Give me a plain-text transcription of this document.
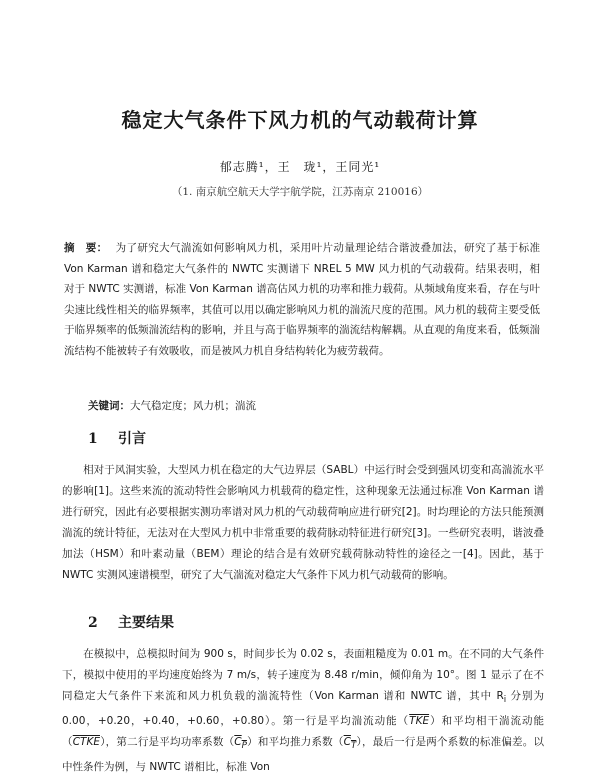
稳定大气条件下风力机的气动载荷计算
郁志腾¹，王　珑¹，王同光¹
（1. 南京航空航天大学宇航学院，江苏南京 210016）
摘　要： 为了研究大气湍流如何影响风力机，采用叶片动量理论结合谐波叠加法，研究了基于标准 Von Karman 谱和稳定大气条件的 NWTC 实测谱下 NREL 5 MW 风力机的气动载荷。结果表明，相对于 NWTC 实测谱，标准 Von Karman 谱高估风力机的功率和推力载荷。从频域角度来看，存在与叶尖速比线性相关的临界频率，其值可以用以确定影响风力机的湍流尺度的范围。风力机的载荷主要受低于临界频率的低频湍流结构的影响，并且与高于临界频率的湍流结构解耦。从直观的角度来看，低频湍流结构不能被转子有效吸收，而是被风力机自身结构转化为疲劳载荷。
关键词：大气稳定度；风力机；湍流
1 引言
相对于风洞实验，大型风力机在稳定的大气边界层（SABL）中运行时会受到强风切变和高湍流水平的影响[1]。这些来流的流动特性会影响风力机载荷的稳定性，这种现象无法通过标准 Von Karman 谱进行研究，因此有必要根据实测功率谱对风力机的气动载荷响应进行研究[2]。时均理论的方法只能预测湍流的统计特征，无法对在大型风力机中非常重要的载荷脉动特征进行研究[3]。一些研究表明，谐波叠加法（HSM）和叶素动量（BEM）理论的结合是有效研究载荷脉动特性的途径之一[4]。因此，基于 NWTC 实测风速谱模型，研究了大气湍流对稳定大气条件下风力机气动载荷的影响。
2 主要结果
在模拟中，总模拟时间为 900 s，时间步长为 0.02 s，表面粗糙度为 0.01 m。在不同的大气条件下，模拟中使用的平均速度始终为 7 m/s，转子速度为 8.48 r/min，倾仰角为 10°。图 1 显示了在不同稳定大气条件下来流和风力机负载的湍流特性（Von Karman 谱和 NWTC 谱，其中 $R_i$ 分别为 0.00，+0.20，+0.40，+0.60，+0.80）。第一行是平均湍流动能$(\overline{TKE})$和平均相干湍流动能（CTKE），第二行是平均功率系数$(C_P)$和平均推力系数$(C_T)$，最后一行是两个系数的标准偏差。以中性条件为例，与 NWTC 谱相比，标准 Von
